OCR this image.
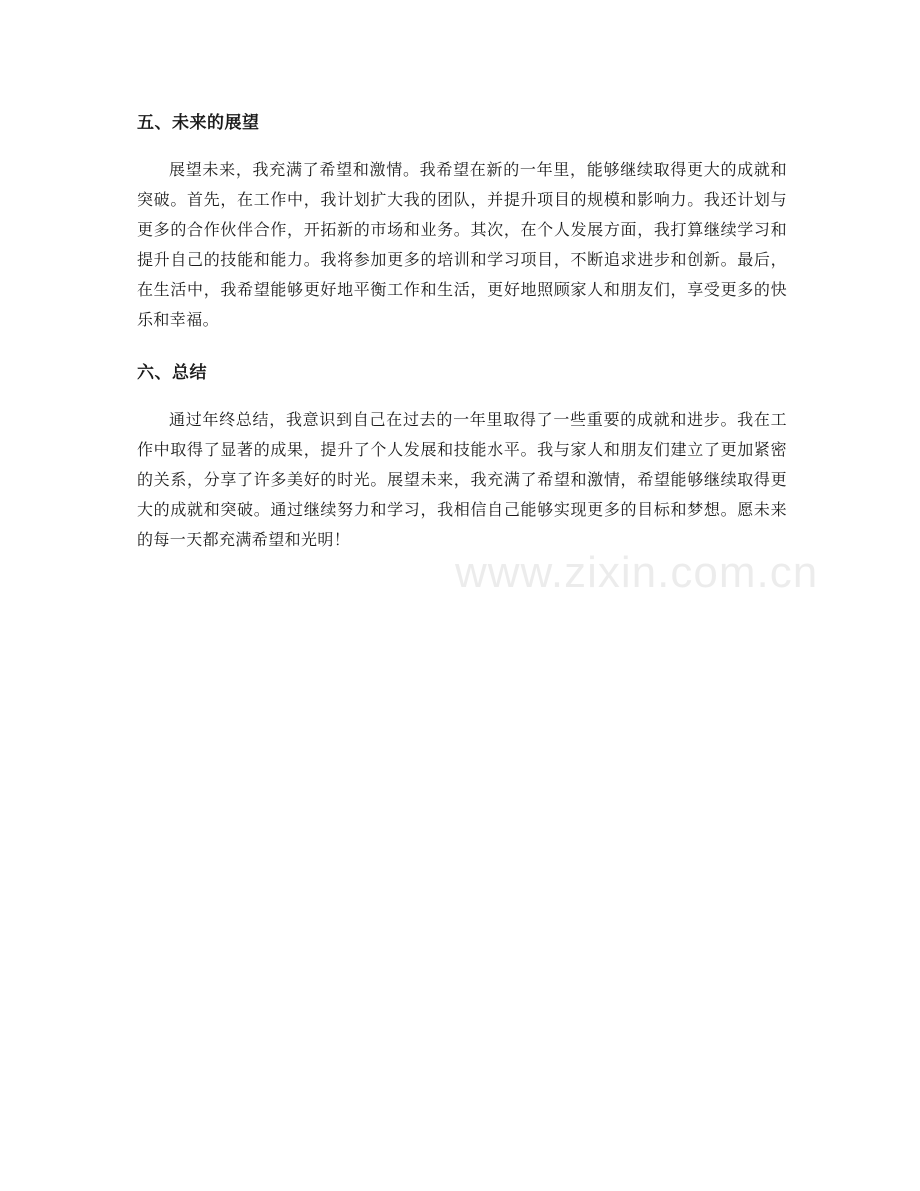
五、未来的展望

展望未来，我充满了希望和激情。我希望在新的一年里，能够继续取得更大的成就和突破。首先，在工作中，我计划扩大我的团队，并提升项目的规模和影响力。我还计划与更多的合作伙伴合作，开拓新的市场和业务。其次，在个人发展方面，我打算继续学习和提升自己的技能和能力。我将参加更多的培训和学习项目，不断追求进步和创新。最后，在生活中，我希望能够更好地平衡工作和生活，更好地照顾家人和朋友们，享受更多的快乐和幸福。

六、总结

通过年终总结，我意识到自己在过去的一年里取得了一些重要的成就和进步。我在工作中取得了显著的成果，提升了个人发展和技能水平。我与家人和朋友们建立了更加紧密的关系，分享了许多美好的时光。展望未来，我充满了希望和激情，希望能够继续取得更大的成就和突破。通过继续努力和学习，我相信自己能够实现更多的目标和梦想。愿未来的每一天都充满希望和光明！

www.zixin.com.cn
